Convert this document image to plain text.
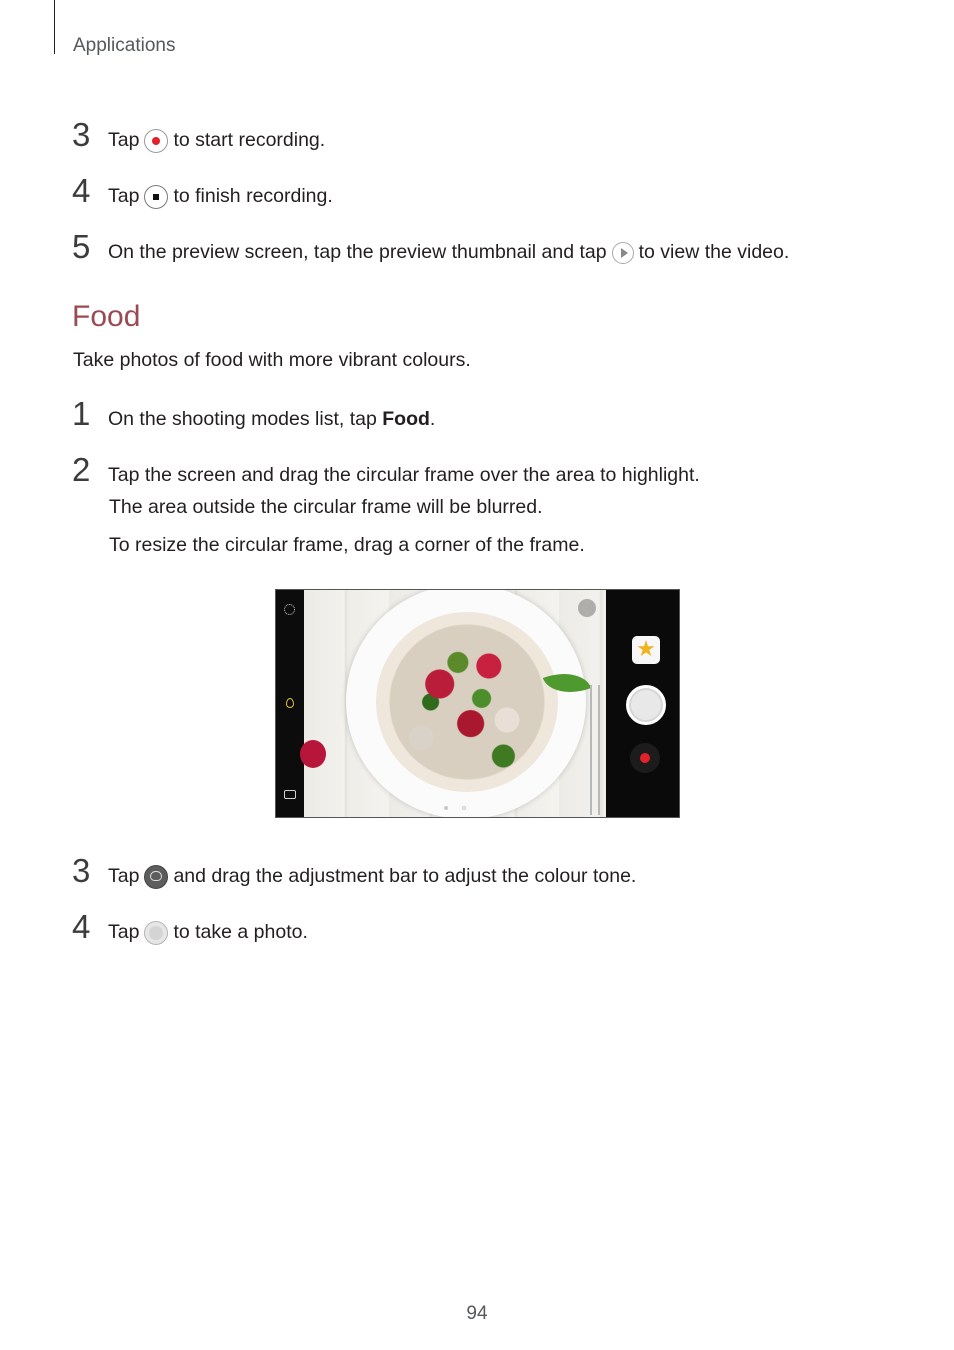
Applications
3 Tap to start recording.
4 Tap to finish recording.
5 On the preview screen, tap the preview thumbnail and tap to view the video.
Food
Take photos of food with more vibrant colours.
1 On the shooting modes list, tap Food .
2 Tap the screen and drag the circular frame over the area to highlight.
The area outside the circular frame will be blurred.
To resize the circular frame, drag a corner of the frame.
★
3 Tap and drag the adjustment bar to adjust the colour tone.
4 Tap to take a photo.
94
